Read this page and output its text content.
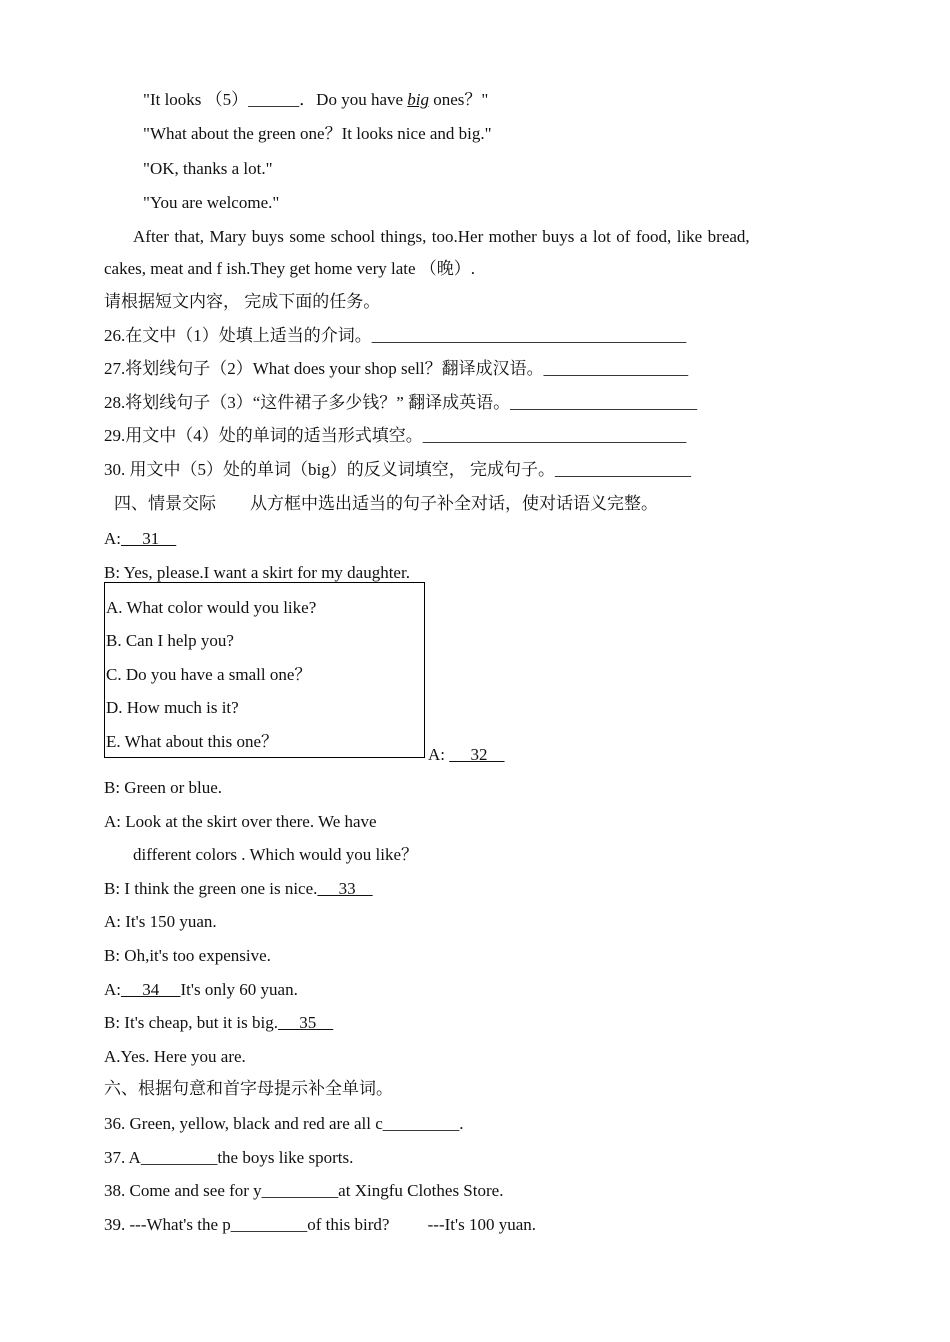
"It looks （5）______．Do you have big ones？"
"What about the green one？It looks nice and big."
"OK, thanks a lot."
"You are welcome."
After that, Mary buys some school things, too.Her mother buys a lot of food, like bread,
cakes, meat and f ish.They get home very late （晚）.
请根据短文内容， 完成下面的任务。
26.在文中（1）处填上适当的介词。_____________________________________
27.将划线句子（2）What does your shop sell？翻译成汉语。_________________
28.将划线句子（3）“这件裙子多少钱？” 翻译成英语。______________________
29.用文中（4）处的单词的适当形式填空。_______________________________
30. 用文中（5）处的单词（big）的反义词填空， 完成句子。________________
四、情景交际　　从方框中选出适当的句子补全对话，使对话语义完整。
A:　 31　
B: Yes, please.I want a skirt for my daughter.
A. What color would you like?
B. Can I help you?
C. Do you have a small one？
D. How much is it?
E. What about this one？
A: 　 32　
B: Green or blue.
A: Look at the skirt over there. We have
different colors . Which would you like？
B: I think the green one is nice.　 33　
A: It's 150 yuan.
B: Oh,it's too expensive.
A:　 34　 It's only 60 yuan.
B: It's cheap, but it is big.　 35　
A.Yes. Here you are.
六、根据句意和首字母提示补全单词。
36. Green, yellow, black and red are all c_________.
37. A_________the boys like sports.
38. Come and see for y_________at Xingfu Clothes Store.
39. ---What's the p_________of this bird? 　　---It's 100 yuan.
